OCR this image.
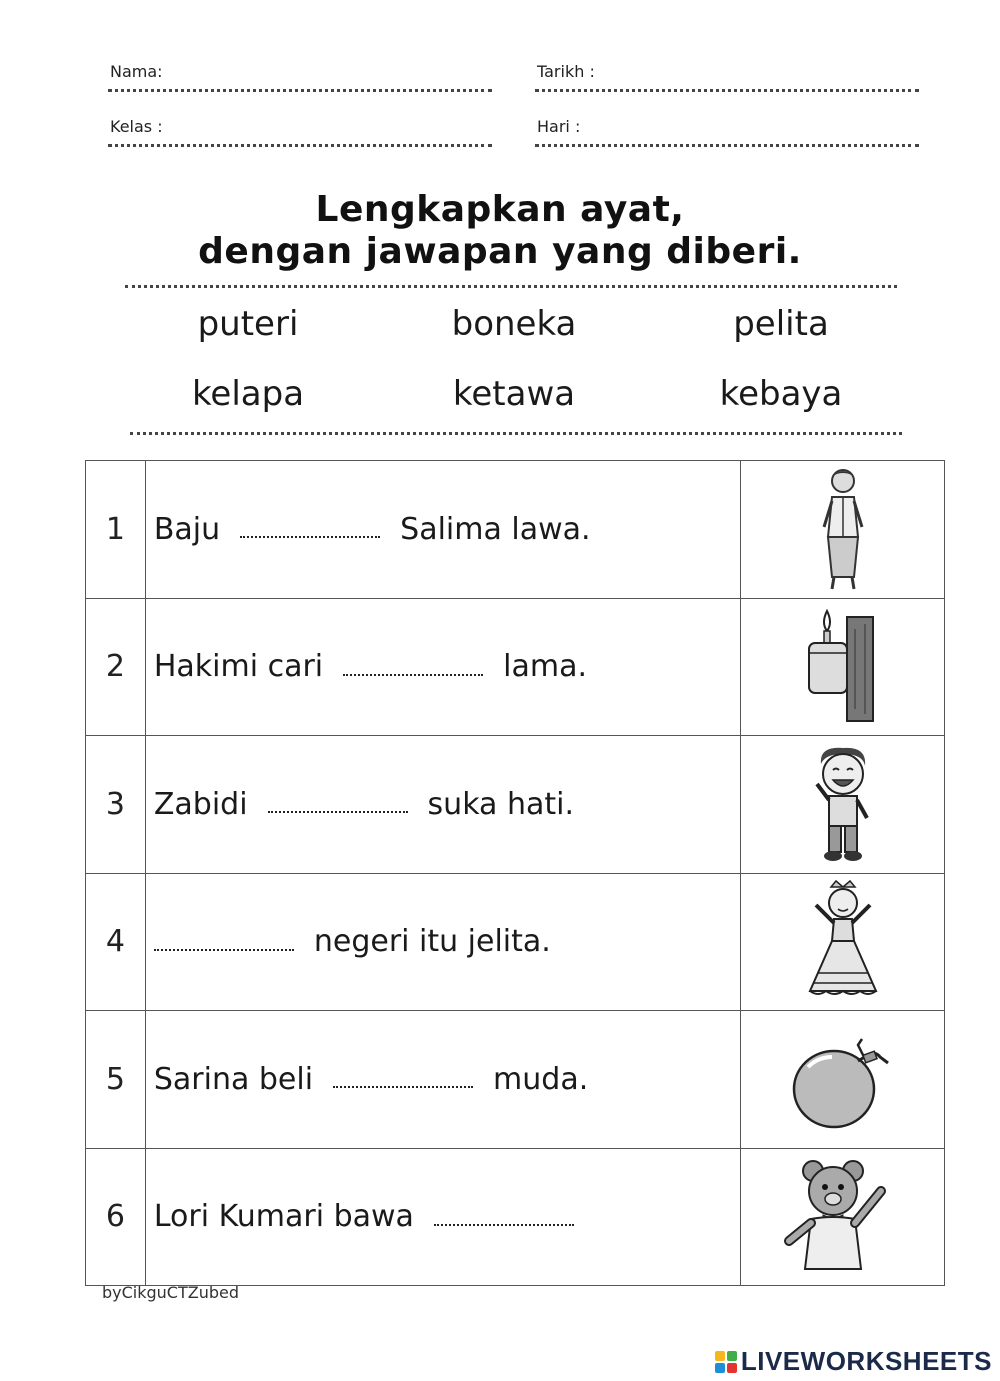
Nama:	Tarikh :
Kelas :	Hari :
Lengkapkan ayat,
dengan jawapan yang diberi.
puteri	boneka	pelita
kelapa	ketawa	kebaya
1	Baju Salima lawa.	

2	Hakimi cari lama.	

3	Zabidi suka hati.	

4	negeri itu jelita.	

5	Sarina beli muda.	

6	Lori Kumari bawa	
byCikguCTZubed
LIVEWORKSHEETS
